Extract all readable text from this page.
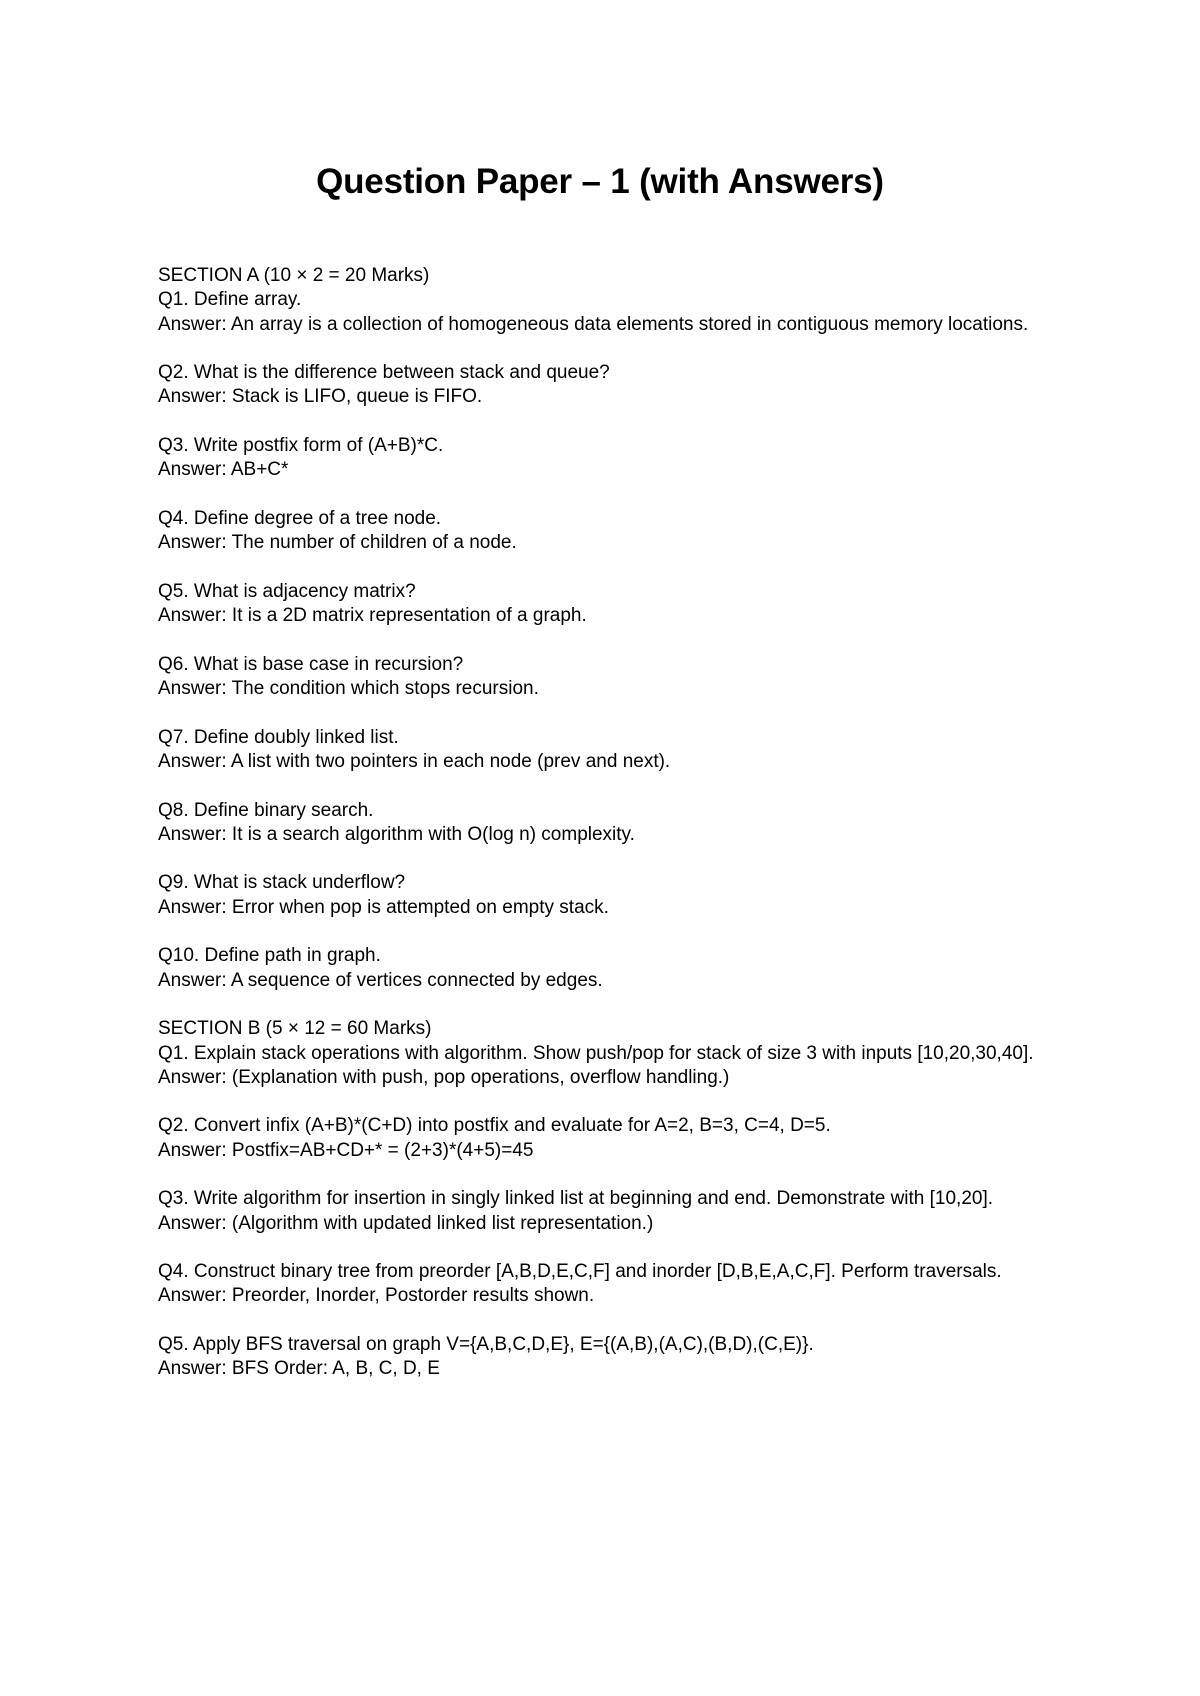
Question Paper – 1 (with Answers)
SECTION A (10 × 2 = 20 Marks)
Q1. Define array.
Answer: An array is a collection of homogeneous data elements stored in contiguous memory locations.
Q2. What is the difference between stack and queue?
Answer: Stack is LIFO, queue is FIFO.
Q3. Write postfix form of (A+B)*C.
Answer: AB+C*
Q4. Define degree of a tree node.
Answer: The number of children of a node.
Q5. What is adjacency matrix?
Answer: It is a 2D matrix representation of a graph.
Q6. What is base case in recursion?
Answer: The condition which stops recursion.
Q7. Define doubly linked list.
Answer: A list with two pointers in each node (prev and next).
Q8. Define binary search.
Answer: It is a search algorithm with O(log n) complexity.
Q9. What is stack underflow?
Answer: Error when pop is attempted on empty stack.
Q10. Define path in graph.
Answer: A sequence of vertices connected by edges.
SECTION B (5 × 12 = 60 Marks)
Q1. Explain stack operations with algorithm. Show push/pop for stack of size 3 with inputs [10,20,30,40].
Answer: (Explanation with push, pop operations, overflow handling.)
Q2. Convert infix (A+B)*(C+D) into postfix and evaluate for A=2, B=3, C=4, D=5.
Answer: Postfix=AB+CD+* = (2+3)*(4+5)=45
Q3. Write algorithm for insertion in singly linked list at beginning and end. Demonstrate with [10,20].
Answer: (Algorithm with updated linked list representation.)
Q4. Construct binary tree from preorder [A,B,D,E,C,F] and inorder [D,B,E,A,C,F]. Perform traversals.
Answer: Preorder, Inorder, Postorder results shown.
Q5. Apply BFS traversal on graph V={A,B,C,D,E}, E={(A,B),(A,C),(B,D),(C,E)}.
Answer: BFS Order: A, B, C, D, E
